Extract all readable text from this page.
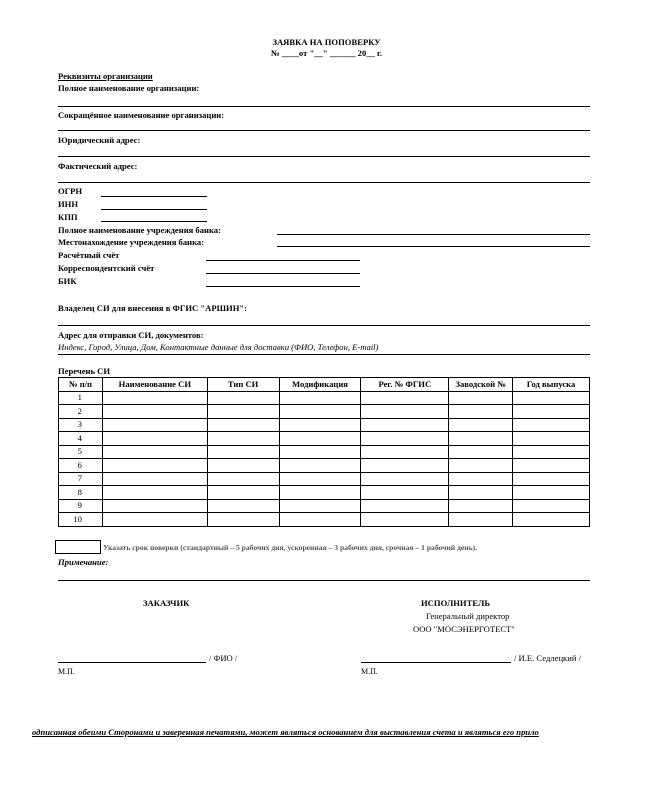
ЗАЯВКА НА ПОПОВЕРКУ
№ ____от "__" ______ 20__ г.
Реквизиты организации
Полное наименование организации:
Сокращённое наименование организации:
Юридический адрес:
Фактический адрес:
ОГРН
ИНН
КПП
Полное наименование учреждения банка:
Местонахождение учреждения банка:
Расчётный счёт
Корреспондентский счёт
БИК
Владелец СИ для внесения в ФГИС "АРШИН":
Адрес для отправки СИ, документов:
Индекс, Город, Улица, Дом, Контактные данные для доставки (ФИО, Телефон, E-mail)
Перечень СИ
№ п/п	Наименование СИ	Тип СИ	Модификация	Рег. № ФГИС	Заводской №	Год выпуска
1						
2						
3						
4						
5						
6						
7						
8						
9						
10						
Указать срок поверки (стандартный – 5 рабочих дня, ускоренная – 3 рабочих дня, срочная – 1 рабочий день).
Примечание:
ЗАКАЗЧИК	ИСПОЛНИТЕЛЬ
Генеральный директор
ООО "МОСЭНЕРГОТЕСТ"
/ ФИО /
М.П.
/ И.Е. Седлецкий /
М.П.
одписанная обеими Сторонами и заверенная печатями, может являться основанием для выставления счета и являться его прило
